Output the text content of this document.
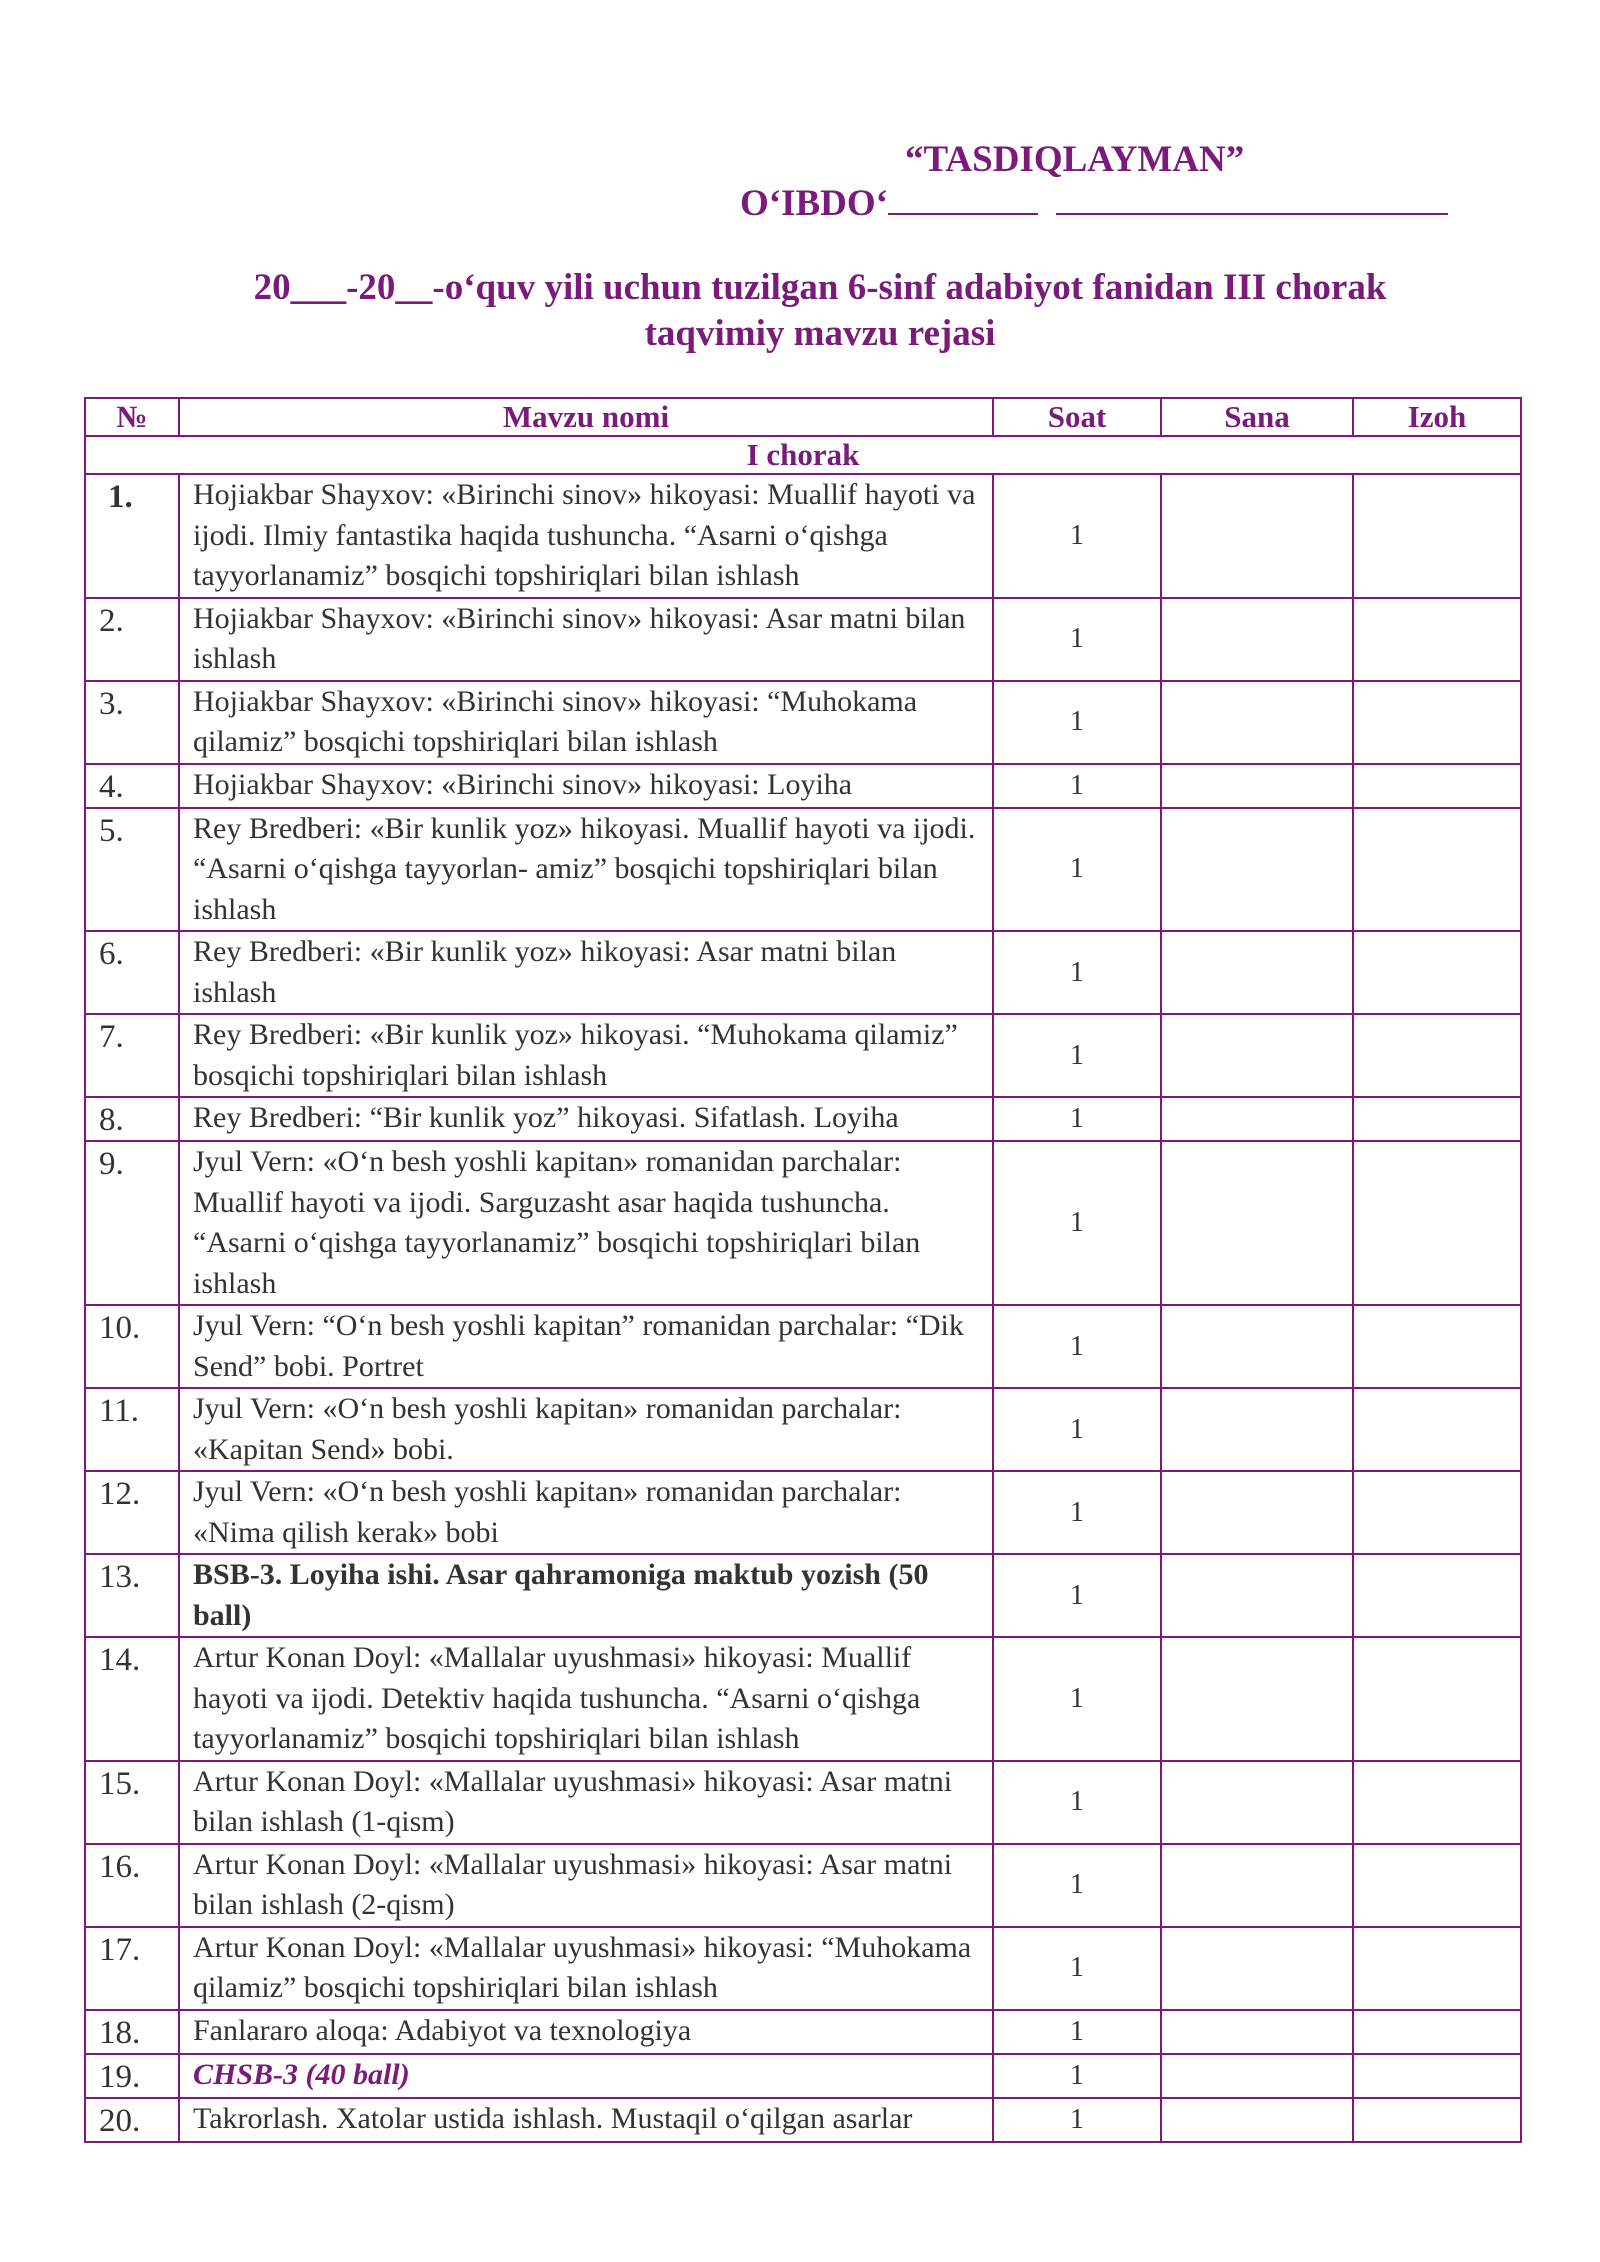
“TASDIQLAYMAN”
O‘IBDO‘
20___-20__-o‘quv yili uchun tuzilgan 6-sinf adabiyot fanidan III chorak
taqvimiy mavzu rejasi
№	Mavzu nomi	Soat	Sana	Izoh
I chorak				
1.	Hojiakbar Shayxov: «Birinchi sinov» hikoyasi: Muallif hayoti va ijodi. Ilmiy fantastika haqida tushuncha. “Asarni o‘qishga tayyorlanamiz” bosqichi topshiriqlari bilan ishlash	1		
2.	Hojiakbar Shayxov: «Birinchi sinov» hikoyasi: Asar matni bilan ishlash	1		
3.	Hojiakbar Shayxov: «Birinchi sinov» hikoyasi: “Muhokama qilamiz” bosqichi topshiriqlari bilan ishlash	1		
4.	Hojiakbar Shayxov: «Birinchi sinov» hikoyasi: Loyiha	1		
5.	Rey Bredberi: «Bir kunlik yoz» hikoyasi. Muallif hayoti va ijodi. “Asarni o‘qishga tayyorlan- amiz” bosqichi topshiriqlari bilan ishlash	1		
6.	Rey Bredberi: «Bir kunlik yoz» hikoyasi: Asar matni bilan ishlash	1		
7.	Rey Bredberi: «Bir kunlik yoz» hikoyasi. “Muhokama qilamiz” bosqichi topshiriqlari bilan ishlash	1		
8.	Rey Bredberi: “Bir kunlik yoz” hikoyasi. Sifatlash. Loyiha	1		
9.	Jyul Vern: «O‘n besh yoshli kapitan» romanidan parchalar: Muallif hayoti va ijodi. Sarguzasht asar haqida tushuncha. “Asarni o‘qishga tayyorlanamiz” bosqichi topshiriqlari bilan ishlash	1		
10.	Jyul Vern: “O‘n besh yoshli kapitan” romanidan parchalar: “Dik Send” bobi. Portret	1		
11.	Jyul Vern: «O‘n besh yoshli kapitan» romanidan parchalar: «Kapitan Send» bobi.	1		
12.	Jyul Vern: «O‘n besh yoshli kapitan» romanidan parchalar: «Nima qilish kerak» bobi	1		
13.	BSB-3. Loyiha ishi. Asar qahramoniga maktub yozish (50 ball)	1		
14.	Artur Konan Doyl: «Mallalar uyushmasi» hikoyasi: Muallif hayoti va ijodi. Detektiv haqida tushuncha. “Asarni o‘qishga tayyorlanamiz” bosqichi topshiriqlari bilan ishlash	1		
15.	Artur Konan Doyl: «Mallalar uyushmasi» hikoyasi: Asar matni bilan ishlash (1-qism)	1		
16.	Artur Konan Doyl: «Mallalar uyushmasi» hikoyasi: Asar matni bilan ishlash (2-qism)	1		
17.	Artur Konan Doyl: «Mallalar uyushmasi» hikoyasi: “Muhokama qilamiz” bosqichi topshiriqlari bilan ishlash	1		
18.	Fanlararo aloqa: Adabiyot va texnologiya	1		
19.	CHSB-3 (40 ball)	1		
20.	Takrorlash. Xatolar ustida ishlash. Mustaqil o‘qilgan asarlar	1		
